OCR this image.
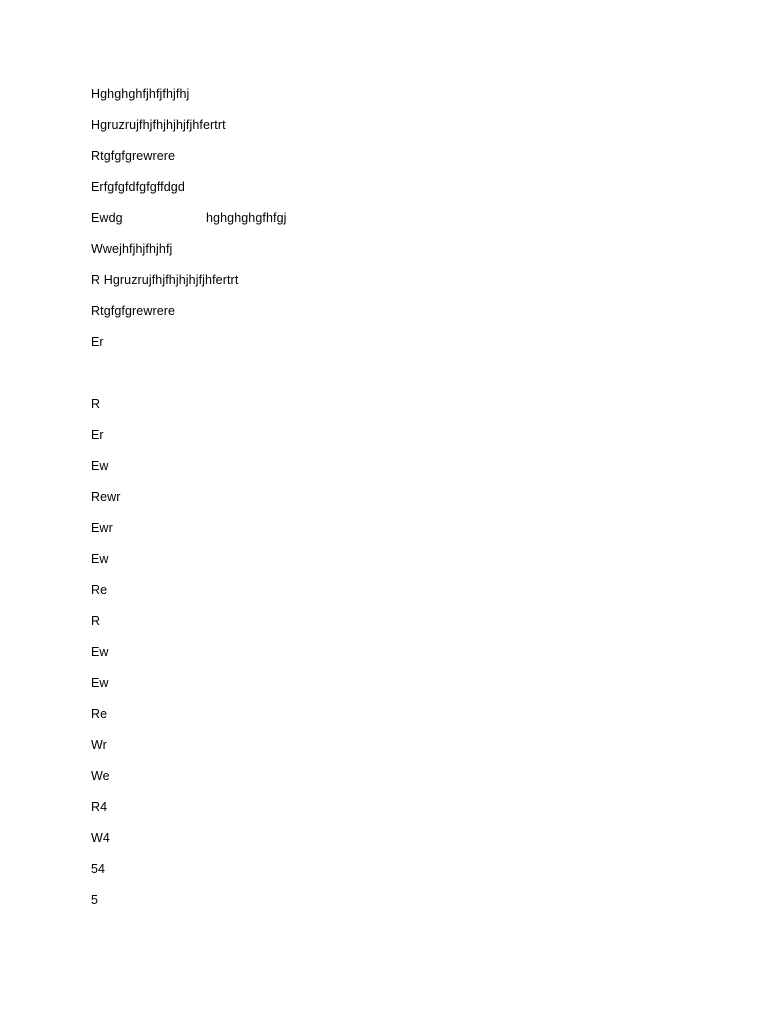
Hghghghfjhfjfhjfhj
Hgruzrujfhjfhjhjhjfjhfertrt
Rtgfgfgrewrere
Erfgfgfdfgfgffdgd
Ewdg	hghghghgfhfgj
Wwejhfjhjfhjhfj
R Hgruzrujfhjfhjhjhjfjhfertrt
Rtgfgfgrewrere
Er
R
Er
Ew
Rewr
Ewr
Ew
Re
R
Ew
Ew
Re
Wr
We
R4
W4
54
5
